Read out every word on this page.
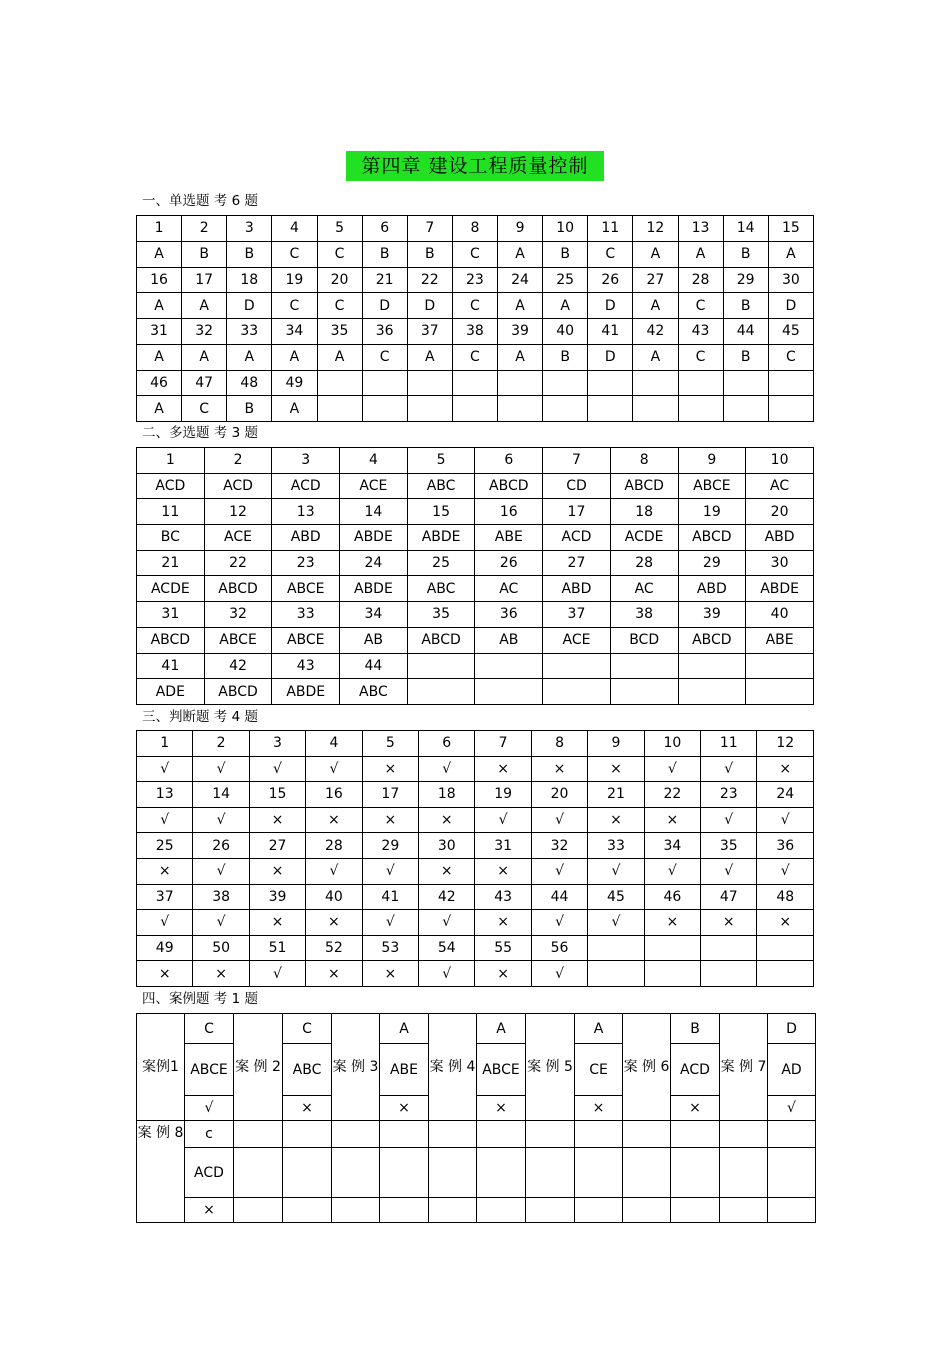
第四章 建设工程质量控制
一、单选题 考 6 题
1	2	3	4	5	6	7	8	9	10	11	12	13	14	15
A	B	B	C	C	B	B	C	A	B	C	A	A	B	A
16	17	18	19	20	21	22	23	24	25	26	27	28	29	30
A	A	D	C	C	D	D	C	A	A	D	A	C	B	D
31	32	33	34	35	36	37	38	39	40	41	42	43	44	45
A	A	A	A	A	C	A	C	A	B	D	A	C	B	C
46	47	48	49											
A	C	B	A											
二、多选题 考 3 题
1	2	3	4	5	6	7	8	9	10
ACD	ACD	ACD	ACE	ABC	ABCD	CD	ABCD	ABCE	AC
11	12	13	14	15	16	17	18	19	20
BC	ACE	ABD	ABDE	ABDE	ABE	ACD	ACDE	ABCD	ABD
21	22	23	24	25	26	27	28	29	30
ACDE	ABCD	ABCE	ABDE	ABC	AC	ABD	AC	ABD	ABDE
31	32	33	34	35	36	37	38	39	40
ABCD	ABCE	ABCE	AB	ABCD	AB	ACE	BCD	ABCD	ABE
41	42	43	44						
ADE	ABCD	ABDE	ABC						
三、判断题 考 4 题
1	2	3	4	5	6	7	8	9	10	11	12
√	√	√	√	×	√	×	×	×	√	√	×
13	14	15	16	17	18	19	20	21	22	23	24
√	√	×	×	×	×	√	√	×	×	√	√
25	26	27	28	29	30	31	32	33	34	35	36
×	√	×	√	√	×	×	√	√	√	√	√
37	38	39	40	41	42	43	44	45	46	47	48
√	√	×	×	√	√	×	√	√	×	×	×
49	50	51	52	53	54	55	56				
×	×	√	×	×	√	×	√				
四、案例题 考 1 题
案例1	C	案 例 2	C	案 例 3	A	案 例 4	A	案 例 5	A	案 例 6	B	案 例 7	D
	ABCE		ABC		ABE		ABCE		CE		ACD		AD
	√		×		×		×		×		×		√
案 例 8	c												
	ACD												
	×												
